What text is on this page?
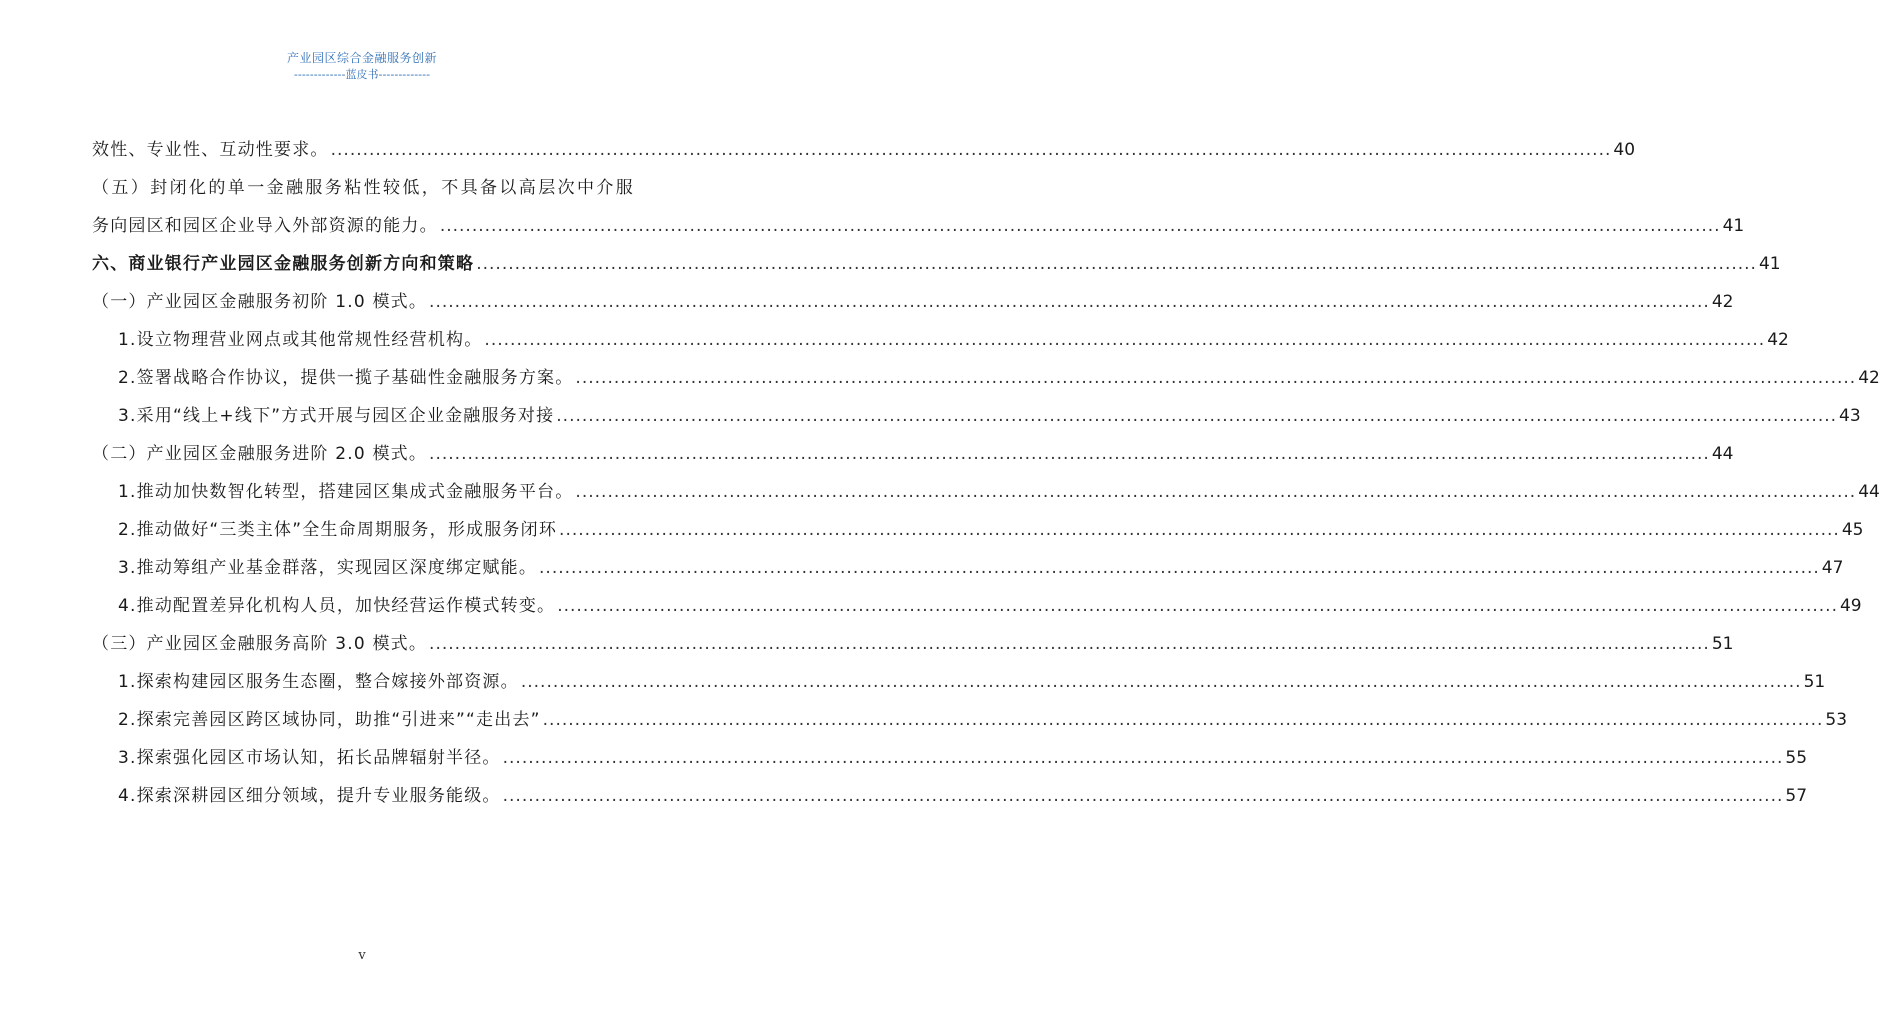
产业园区综合金融服务创新
-------------蓝皮书-------------
效性、专业性、互动性要求。 ........................................................................................................................................................................................................ 40
（五）封闭化的单一金融服务粘性较低，不具备以高层次中介服
务向园区和园区企业导入外部资源的能力。 ........................................................................................................................................................................................................ 41
六、商业银行产业园区金融服务创新方向和策略 ........................................................................................................................................................................................................ 41
（一）产业园区金融服务初阶 1.0 模式。 ........................................................................................................................................................................................................ 42
1.设立物理营业网点或其他常规性经营机构。 ........................................................................................................................................................................................................ 42
2.签署战略合作协议，提供一揽子基础性金融服务方案。 ........................................................................................................................................................................................................ 42
3.采用“线上+线下”方式开展与园区企业金融服务对接 ........................................................................................................................................................................................................ 43
（二）产业园区金融服务进阶 2.0 模式。 ........................................................................................................................................................................................................ 44
1.推动加快数智化转型，搭建园区集成式金融服务平台。 ........................................................................................................................................................................................................ 44
2.推动做好“三类主体”全生命周期服务，形成服务闭环 ........................................................................................................................................................................................................ 45
3.推动筹组产业基金群落，实现园区深度绑定赋能。 ........................................................................................................................................................................................................ 47
4.推动配置差异化机构人员，加快经营运作模式转变。 ........................................................................................................................................................................................................ 49
（三）产业园区金融服务高阶 3.0 模式。 ........................................................................................................................................................................................................ 51
1.探索构建园区服务生态圈，整合嫁接外部资源。 ........................................................................................................................................................................................................ 51
2.探索完善园区跨区域协同，助推“引进来”“走出去” ........................................................................................................................................................................................................ 53
3.探索强化园区市场认知，拓长品牌辐射半径。 ........................................................................................................................................................................................................ 55
4.探索深耕园区细分领域，提升专业服务能级。 ........................................................................................................................................................................................................ 57
v
